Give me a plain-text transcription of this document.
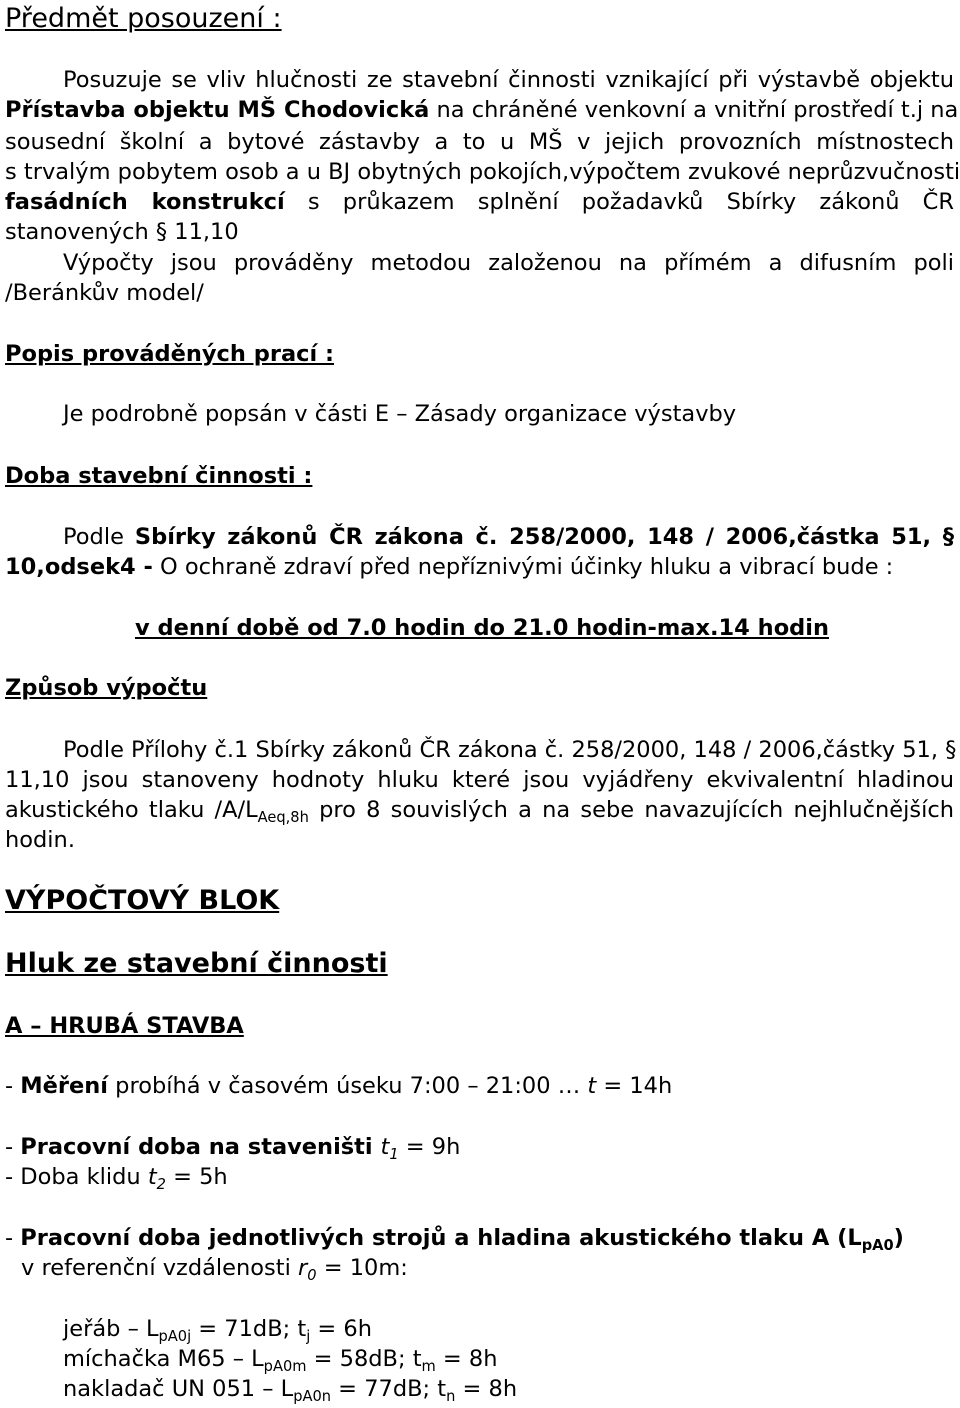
Předmět posouzení :
Posuzuje se vliv hlučnosti ze stavební činnosti vznikající při výstavbě objektu
Přístavba objektu MŠ Chodovická na chráněné venkovní a vnitřní prostředí t.j na
sousední školní a bytové zástavby a to u MŠ v jejich provozních místnostech
s trvalým pobytem osob a u BJ obytných pokojích,výpočtem zvukové neprůzvučnosti
fasádních konstrukcí s průkazem splnění požadavků Sbírky zákonů ČR
stanovených § 11,10
Výpočty jsou prováděny metodou založenou na přímém a difusním poli
/Beránkův model/
Popis prováděných prací :
Je podrobně popsán v části E – Zásady organizace výstavby
Doba stavební činnosti :
Podle Sbírky zákonů ČR zákona č. 258/2000, 148 / 2006,částka 51, §
10,odsek4 - O ochraně zdraví před nepříznivými účinky hluku a vibrací bude :
v denní době od 7.0 hodin do 21.0 hodin-max.14 hodin
Způsob výpočtu
Podle Přílohy č.1 Sbírky zákonů ČR zákona č. 258/2000, 148 / 2006,částky 51, §
11,10 jsou stanoveny hodnoty hluku které jsou vyjádřeny ekvivalentní hladinou
akustického tlaku $/A/L_{Aeq,8h}$ pro 8 souvislých a na sebe navazujících nejhlučnějších
hodin.
VÝPOČTOVÝ BLOK
Hluk ze stavební činnosti
A – HRUBÁ STAVBA
- Měření probíhá v časovém úseku 7:00 – 21:00 … t = 14h
- Pracovní doba na staveništi $t_1 = 9h$
- Doba klidu $t_2 = 5h$
- Pracovní doba jednotlivých strojů a hladina akustického tlaku A $(L_{pA0})$
v referenční vzdálenosti $r_0 = 10m$:
jeřáb – $L_{pA0j} = 71dB$; $t_j = 6h$
míchačka $M65 - L_{pA0m} = 58dB$; $t_m = 8h$
nakladač UN $051 - L_{pA0n} = 77dB$; $t_n = 8h$
